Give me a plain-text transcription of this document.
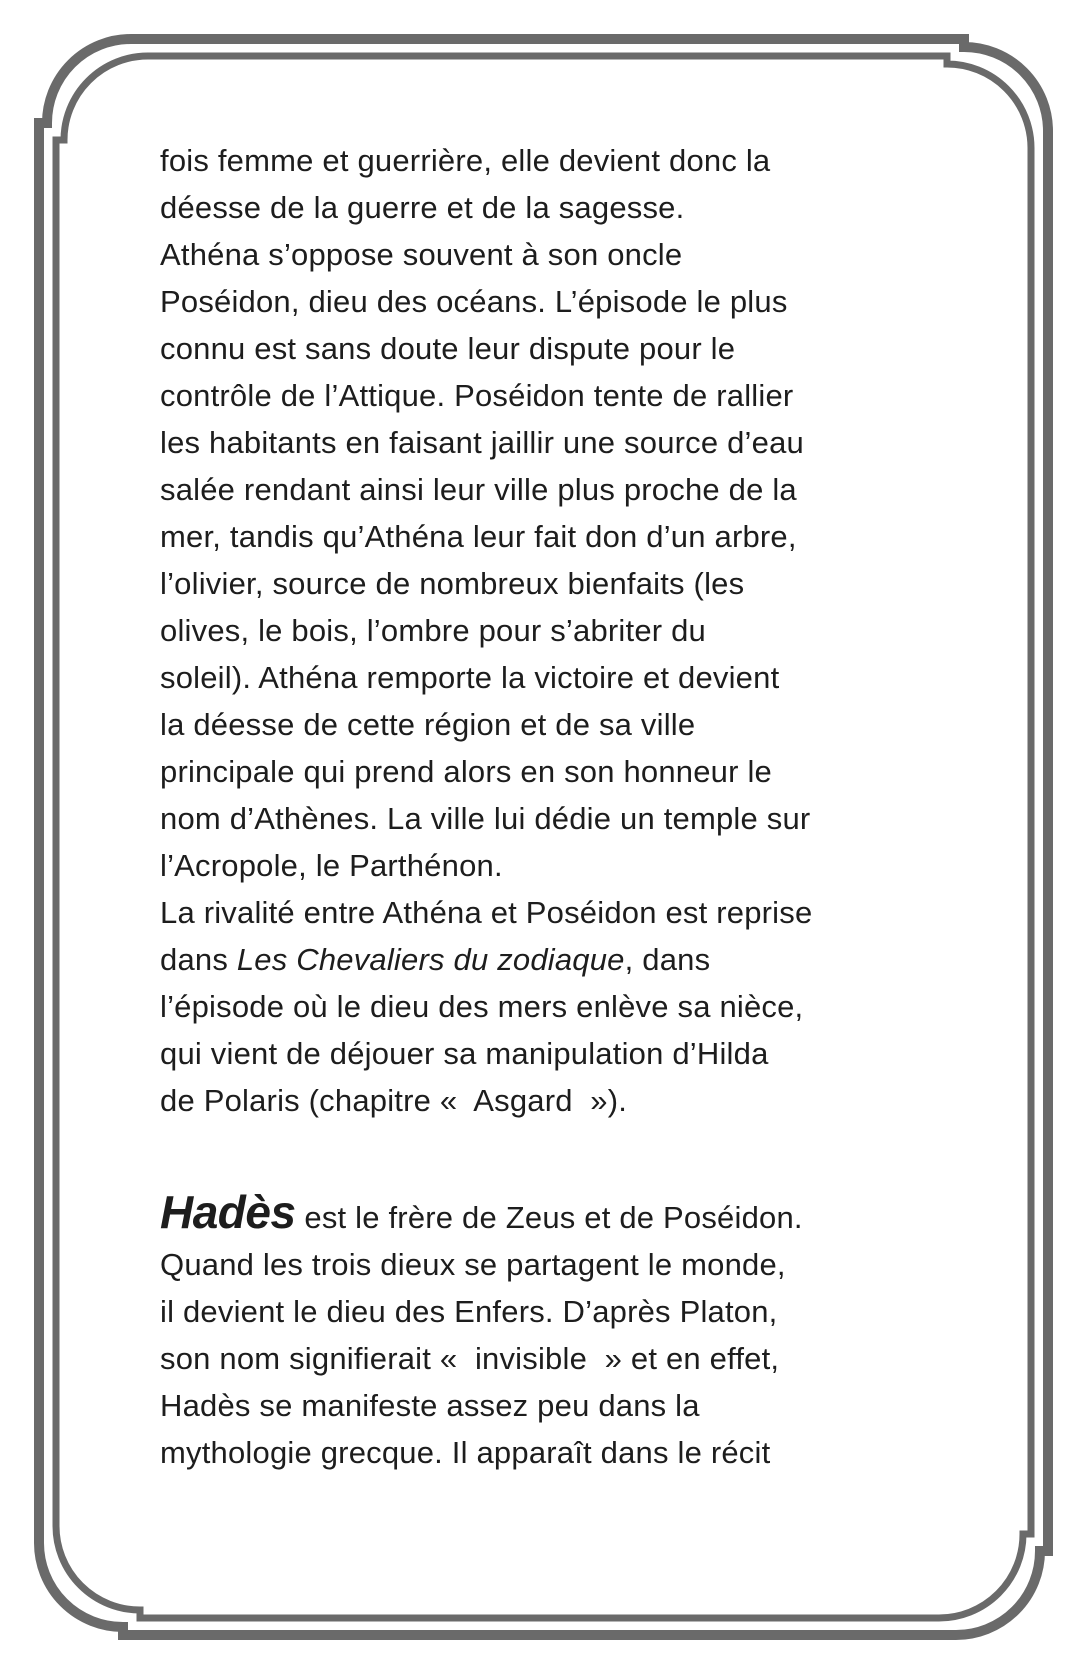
fois femme et guerrière, elle devient donc la
déesse de la guerre et de la sagesse.
Athéna s’oppose souvent à son oncle
Poséidon, dieu des océans. L’épisode le plus
connu est sans doute leur dispute pour le
contrôle de l’Attique. Poséidon tente de rallier
les habitants en faisant jaillir une source d’eau
salée rendant ainsi leur ville plus proche de la
mer, tandis qu’Athéna leur fait don d’un arbre,
l’olivier, source de nombreux bienfaits (les
olives, le bois, l’ombre pour s’abriter du
soleil). Athéna remporte la victoire et devient
la déesse de cette région et de sa ville
principale qui prend alors en son honneur le
nom d’Athènes. La ville lui dédie un temple sur
l’Acropole, le Parthénon.
La rivalité entre Athéna et Poséidon est reprise
dans Les Chevaliers du zodiaque, dans
l’épisode où le dieu des mers enlève sa nièce,
qui vient de déjouer sa manipulation d’Hilda
de Polaris (chapitre «  Asgard  »).
Hadès est le frère de Zeus et de Poséidon.
Quand les trois dieux se partagent le monde,
il devient le dieu des Enfers. D’après Platon,
son nom signifierait «  invisible  » et en effet,
Hadès se manifeste assez peu dans la
mythologie grecque. Il apparaît dans le récit
